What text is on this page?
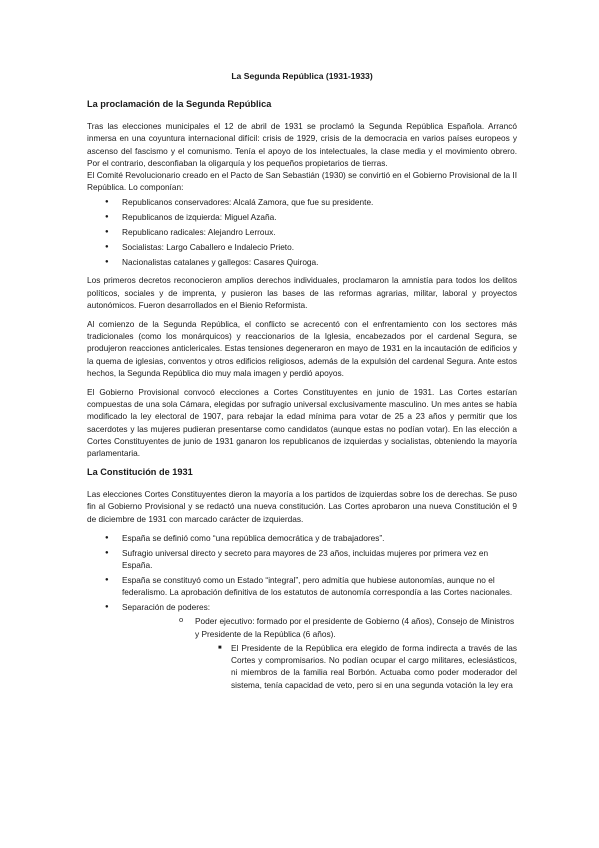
La Segunda República (1931-1933)
La proclamación de la Segunda República

Tras las elecciones municipales el 12 de abril de 1931 se proclamó la Segunda República Española. Arrancó inmersa en una coyuntura internacional difícil: crisis de 1929, crisis de la democracia en varios países europeos y ascenso del fascismo y el comunismo. Tenía el apoyo de los intelectuales, la clase media y el movimiento obrero. Por el contrario, desconfiaban la oligarquía y los pequeños propietarios de tierras.

El Comité Revolucionario creado en el Pacto de San Sebastián (1930) se convirtió en el Gobierno Provisional de la II República. Lo componían:

● Republicanos conservadores: Alcalá Zamora, que fue su presidente.
● Republicanos de izquierda: Miguel Azaña.
● Republicano radicales: Alejandro Lerroux.
● Socialistas: Largo Caballero e Indalecio Prieto.
● Nacionalistas catalanes y gallegos: Casares Quiroga.

Los primeros decretos reconocieron amplios derechos individuales, proclamaron la amnistía para todos los delitos políticos, sociales y de imprenta, y pusieron las bases de las reformas agrarias, militar, laboral y proyectos autonómicos. Fueron desarrollados en el Bienio Reformista.

Al comienzo de la Segunda República, el conflicto se acrecentó con el enfrentamiento con los sectores más tradicionales (como los monárquicos) y reaccionarios de la Iglesia, encabezados por el cardenal Segura, se produjeron reacciones anticlericales. Estas tensiones degeneraron en mayo de 1931 en la incautación de edificios y la quema de iglesias, conventos y otros edificios religiosos, además de la expulsión del cardenal Segura. Ante estos hechos, la Segunda República dio muy mala imagen y perdió apoyos.

El Gobierno Provisional convocó elecciones a Cortes Constituyentes en junio de 1931. Las Cortes estarían compuestas de una sola Cámara, elegidas por sufragio universal exclusivamente masculino. Un mes antes se había modificado la ley electoral de 1907, para rebajar la edad mínima para votar de 25 a 23 años y permitir que los sacerdotes y las mujeres pudieran presentarse como candidatos (aunque estas no podían votar). En las elección a Cortes Constituyentes de junio de 1931 ganaron los republicanos de izquierdas y socialistas, obteniendo la mayoría parlamentaria.

La Constitución de 1931

Las elecciones Cortes Constituyentes dieron la mayoría a los partidos de izquierdas sobre los de derechas. Se puso fin al Gobierno Provisional y se redactó una nueva constitución. Las Cortes aprobaron una nueva Constitución el 9 de diciembre de 1931 con marcado carácter de izquierdas.

● España se definió como “una república democrática y de trabajadores”.
● Sufragio universal directo y secreto para mayores de 23 años, incluidas mujeres por primera vez en España.
● España se constituyó como un Estado “integral”, pero admitía que hubiese autonomías, aunque no el federalismo. La aprobación definitiva de los estatutos de autonomía correspondía a las Cortes nacionales.
● Separación de poderes:
o Poder ejecutivo: formado por el presidente de Gobierno (4 años), Consejo de Ministros y Presidente de la República (6 años).
■ El Presidente de la República era elegido de forma indirecta a través de las Cortes y compromisarios. No podían ocupar el cargo militares, eclesiásticos, ni miembros de la familia real Borbón. Actuaba como poder moderador del sistema, tenía capacidad de veto, pero si en una segunda votación la ley era
